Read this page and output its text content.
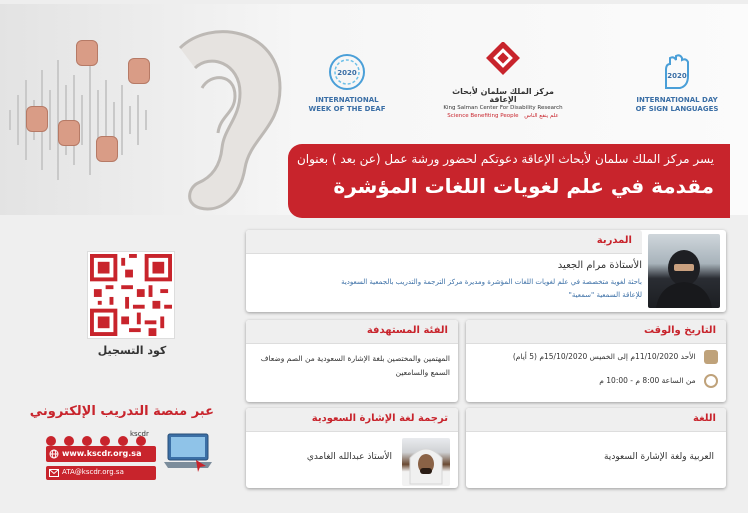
2020
INTERNATIONAL WEEK OF THE DEAF
مركز الملك سلمان لأبحاث الإعاقة
King Salman Center For Disability Research
Science Benefiting People علم ينفع الناس
2020
INTERNATIONAL DAY OF SIGN LANGUAGES
يسر مركز الملك سلمان لأبحاث الإعاقة دعوتكم لحضور ورشة عمل (عن بعد ) بعنوان
مقدمة في علم لغويات اللغات المؤشرة
المدربة
الأستاذة مرام الجعيد
باحثة لغوية متخصصة في علم لغويات اللغات المؤشرة ومديرة مركز الترجمة والتدريب بالجمعية السعودية للإعاقة السمعية "سمعية"
الفئة المستهدفة
المهتمين والمختصين بلغة الإشارة السعودية من الصم وضعاف السمع والسامعين
التاريخ والوقت
الأحد 11/10/2020م إلى الخميس 15/10/2020م (5 أيام)
من الساعة 8:00 م - 10:00 م
ترجمة لغة الإشارة السعودية
الأستاذ عبدالله الغامدي
اللغة
العربية ولغة الإشارة السعودية
كود التسجيل
عبر منصة التدريب الإلكتروني

kscdr
www.kscdr.org.sa
ATA@kscdr.org.sa
